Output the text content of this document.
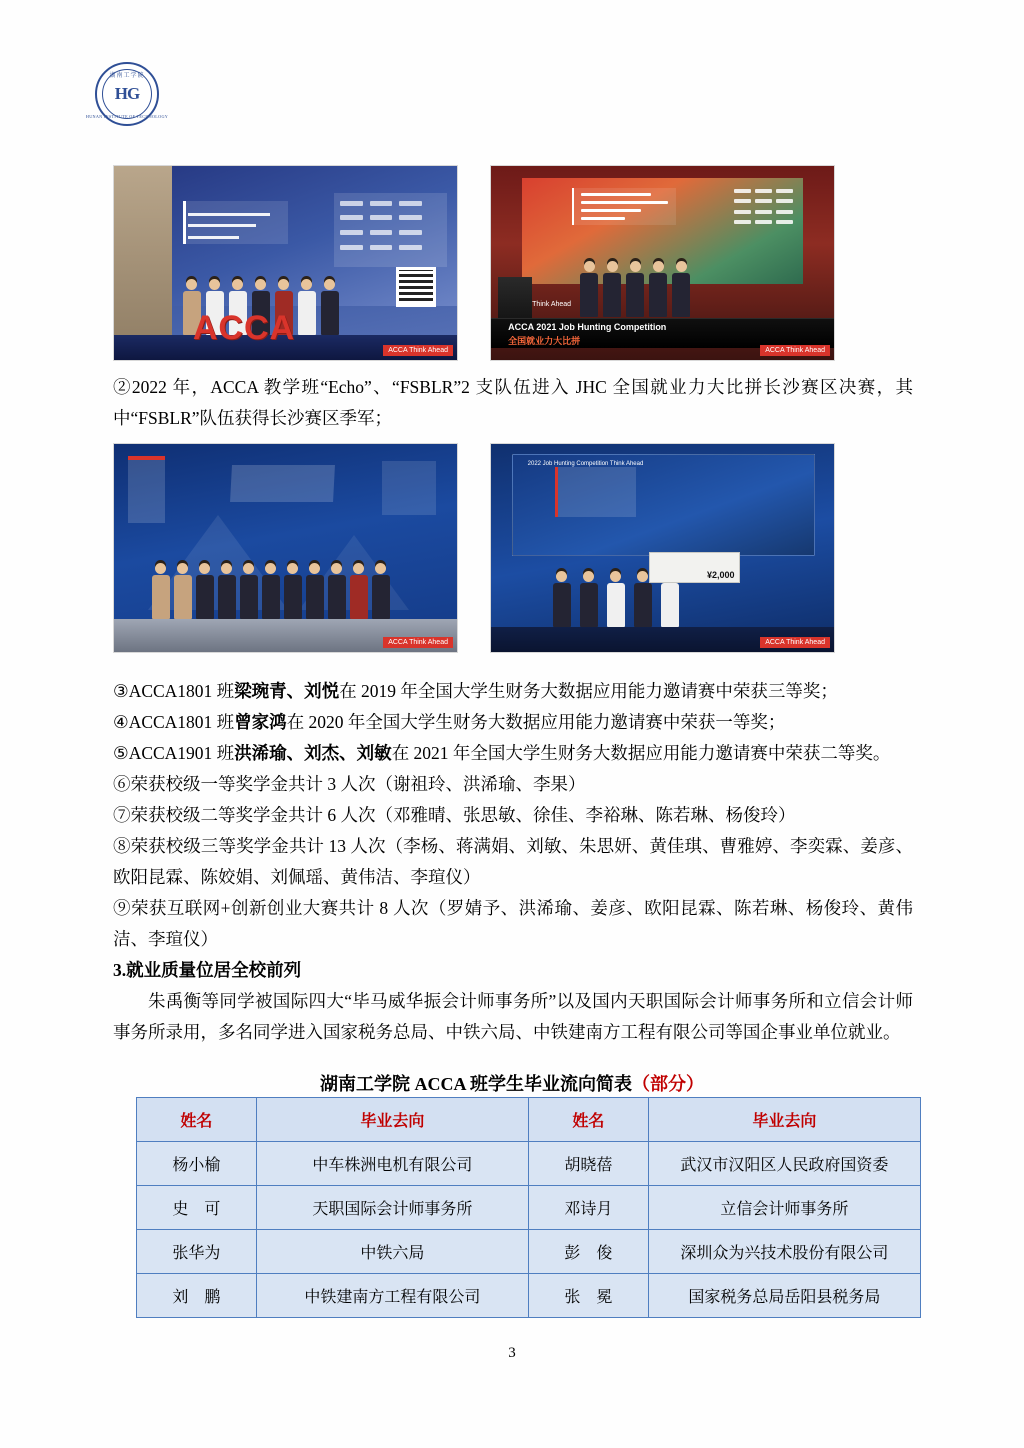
湖南工学院
HG
HUNAN INSTITUTE OF TECHNOLOGY
ACCA
ACCA Think Ahead
Think Ahead
ACCA 2021 Job Hunting Competition
全国就业力大比拼
ACCA Think Ahead

②2022 年，ACCA 教学班“Echo”、“FSBLR”2 支队伍进入 JHC 全国就业力大比拼长沙赛区决赛，其中“FSBLR”队伍获得长沙赛区季军；

ACCA Think Ahead
2022 Job Hunting Competition Think Ahead
¥2,000
ACCA Think Ahead

③ACCA1801 班梁琬青、刘悦在 2019 年全国大学生财务大数据应用能力邀请赛中荣获三等奖；

④ACCA1801 班曾家鸿在 2020 年全国大学生财务大数据应用能力邀请赛中荣获一等奖；

⑤ACCA1901 班洪浠瑜、刘杰、刘敏在 2021 年全国大学生财务大数据应用能力邀请赛中荣获二等奖。

⑥荣获校级一等奖学金共计 3 人次（谢祖玲、洪浠瑜、李果）

⑦荣获校级二等奖学金共计 6 人次（邓雅晴、张思敏、徐佳、李裕琳、陈若琳、杨俊玲）

⑧荣获校级三等奖学金共计 13 人次（李杨、蒋满娟、刘敏、朱思妍、黄佳琪、曹雅婷、李奕霖、姜彦、欧阳昆霖、陈姣娟、刘佩瑶、黄伟洁、李瑄仪）

⑨荣获互联网+创新创业大赛共计 8 人次（罗婧予、洪浠瑜、姜彦、欧阳昆霖、陈若琳、杨俊玲、黄伟洁、李瑄仪）

3.就业质量位居全校前列

朱禹衡等同学被国际四大“毕马威华振会计师事务所”以及国内天职国际会计师事务所和立信会计师事务所录用，多名同学进入国家税务总局、中铁六局、中铁建南方工程有限公司等国企事业单位就业。

湖南工学院 ACCA 班学生毕业流向简表（部分）
姓名	毕业去向	姓名	毕业去向
杨小榆	中车株洲电机有限公司	胡晓蓓	武汉市汉阳区人民政府国资委
史　可	天职国际会计师事务所	邓诗月	立信会计师事务所
张华为	中铁六局	彭　俊	深圳众为兴技术股份有限公司
刘　鹏	中铁建南方工程有限公司	张　冕	国家税务总局岳阳县税务局
3
